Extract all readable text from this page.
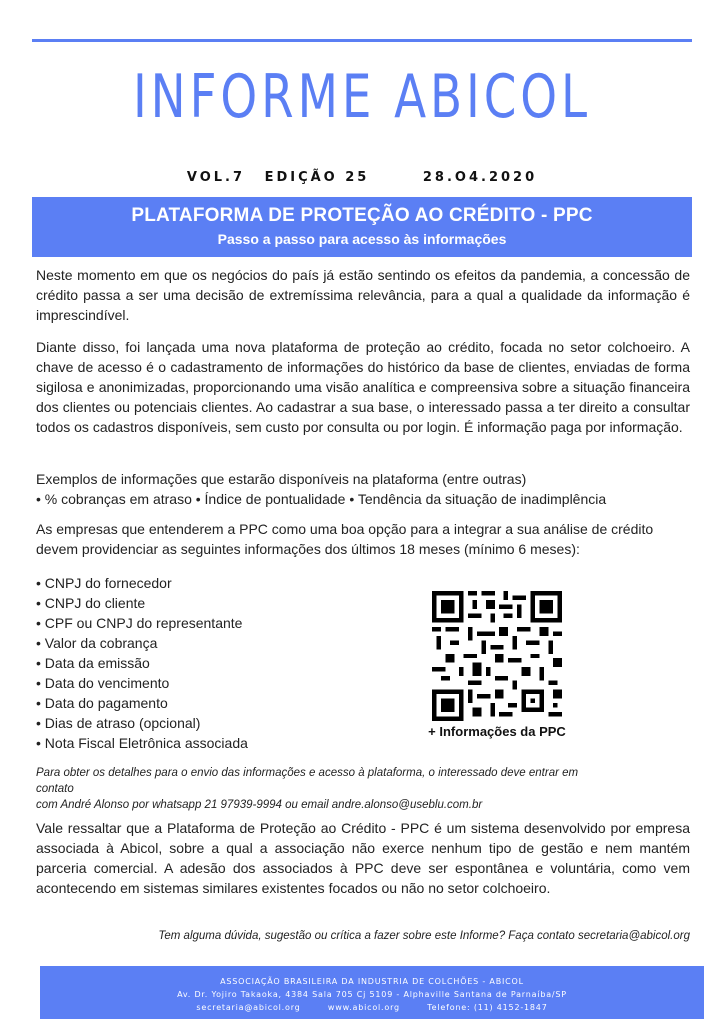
INFORME ABICOL
VOL.7 EDIÇÃO 25	28.O4.2020
PLATAFORMA DE PROTEÇÃO AO CRÉDITO - PPC
Passo a passo para acesso às informações
Neste momento em que os negócios do país já estão sentindo os efeitos da pandemia, a concessão de crédito passa a ser uma decisão de extremíssima relevância, para a qual a qualidade da informação é imprescindível.
Diante disso, foi lançada uma nova plataforma de proteção ao crédito, focada no setor colchoeiro. A chave de acesso é o cadastramento de informações do histórico da base de clientes, enviadas de forma sigilosa e anonimizadas, proporcionando uma visão analítica e compreensiva sobre a situação financeira dos clientes ou potenciais clientes. Ao cadastrar a sua base, o interessado passa a ter direito a consultar todos os cadastros disponíveis, sem custo por consulta ou por login. É informação paga por informação.
Exemplos de informações que estarão disponíveis na plataforma (entre outras)
• % cobranças em atraso • Índice de pontualidade • Tendência da situação de inadimplência
As empresas que entenderem a PPC como uma boa opção para a integrar a sua análise de crédito devem providenciar as seguintes informações dos últimos 18 meses (mínimo 6 meses):
• CNPJ do fornecedor
• CNPJ do cliente
• CPF ou CNPJ do representante
• Valor da cobrança
• Data da emissão
• Data do vencimento
• Data do pagamento
• Dias de atraso (opcional)
• Nota Fiscal Eletrônica associada
+ Informações da PPC
Para obter os detalhes para o envio das informações e acesso à plataforma, o interessado deve entrar em contato
com André Alonso por whatsapp 21 97939-9994 ou email andre.alonso@useblu.com.br
Vale ressaltar que a Plataforma de Proteção ao Crédito - PPC é um sistema desenvolvido por empresa associada à Abicol, sobre a qual a associação não exerce nenhum tipo de gestão e nem mantém parceria comercial. A adesão dos associados à PPC deve ser espontânea e voluntária, como vem acontecendo em sistemas similares existentes focados ou não no setor colchoeiro.
Tem alguma dúvida, sugestão ou crítica a fazer sobre este Informe? Faça contato secretaria@abicol.org
ASSOCIAÇÃO BRASILEIRA DA INDUSTRIA DE COLCHÕES - ABICOL
Av. Dr. Yojiro Takaoka, 4384 Sala 705 Cj 5109 - Alphaville Santana de Parnaíba/SP
secretaria@abicol.org	www.abicol.org	Telefone: (11) 4152-1847
